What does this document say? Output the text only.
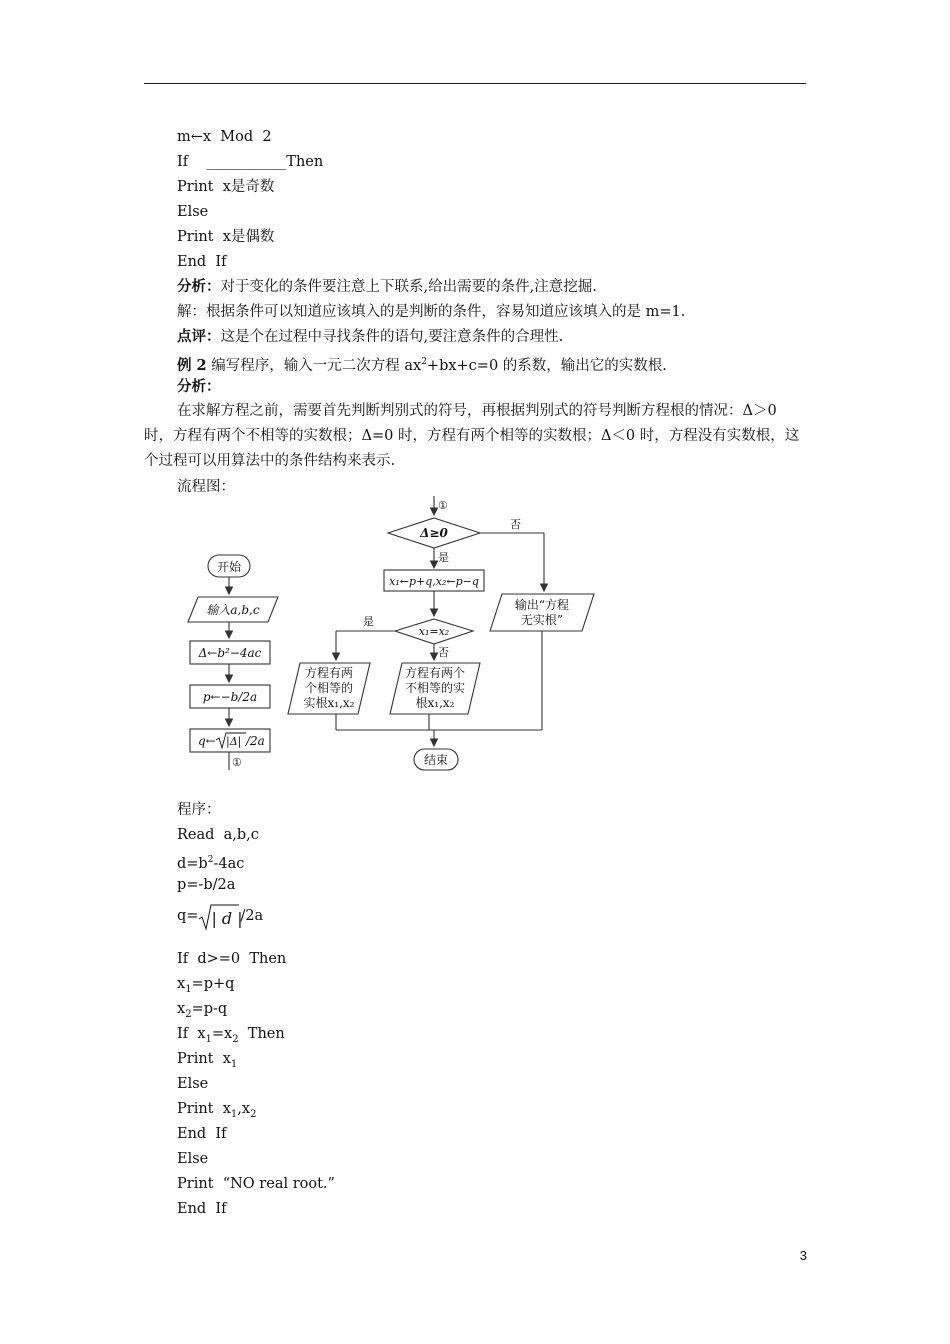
m←x  Mod  2
If    ___________Then
Print  x是奇数
Else
Print  x是偶数
End  If
分析：对于变化的条件要注意上下联系,给出需要的条件,注意挖掘.
解：根据条件可以知道应该填入的是判断的条件，容易知道应该填入的是 m=1.
点评：这是个在过程中寻找条件的语句,要注意条件的合理性.
例 2 编写程序，输入一元二次方程 $ax^2+bx+c=0$ 的系数，输出它的实数根.
分析：
在求解方程之前，需要首先判断判别式的符号，再根据判别式的符号判断方程根的情况：Δ＞0 时，方程有两个不相等的实数根；Δ=0 时，方程有两个相等的实数根；Δ＜0 时，方程没有实数根，这个过程可以用算法中的条件结构来表示.
流程图：
开始
输入a,b,c
Δ←b²−4ac
p←−b/2a
q← |Δ| /2a
①
①
Δ≥0
否
是
x₁←p+q,x₂←p−q
x₁=x₂
是
否
方程有两
个相等的
实根x₁,x₂
方程有两个
不相等的实
根x₁,x₂
输出“方程
无实根”
结束
程序：
Read  a,b,c
$d=b^2-4ac$
p=-b/2a
q= | d |
/2a
If  d>=0  Then
$x_1=p+q$
$x_2=p-q$
If  $x_1=x_2$  Then
Print  $x_1$
Else
Print  $x_1,x_2$
End  If
Else
Print  “NO real root.”
End  If
3
